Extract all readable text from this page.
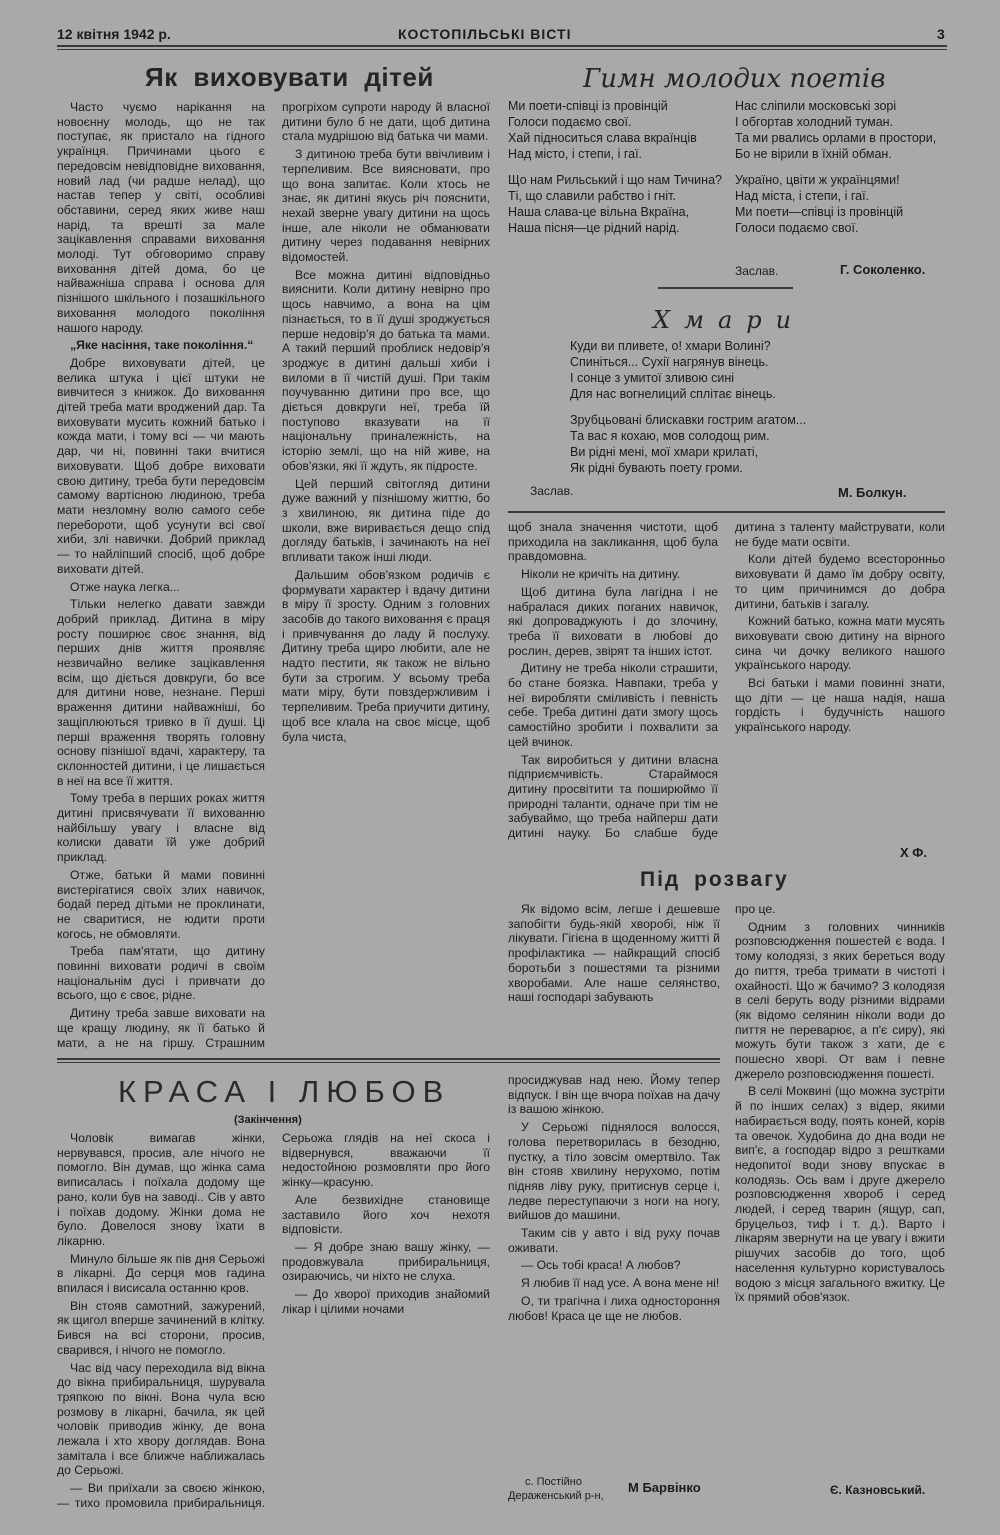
12 квітня 1942 р.	КОСТОПІЛЬСЬКІ ВІСТІ	3
Як виховувати дітей

Часто чуємо нарікання на новоєнну молодь, що не так поступає, як пристало на гідного українця. Причинами цього є передовсім невідповідне виховання, новий лад (чи радше нелад), що настав тепер у світі, особливі обставини, серед яких живе наш нарід, та врешті за мале зацікавлення справами виховання молоді. Тут обговоримо справу виховання дітей дома, бо це найважніша справа і основа для пізнішого шкільного і позашкільного виховання молодого покоління нашого народу.

„Яке насіння, таке покоління.“

Добре виховувати дітей, це велика штука і цієї штуки не вивчитеся з книжок. До виховання дітей треба мати вроджений дар. Та виховувати мусить кожний батько і кожда мати, і тому всі — чи мають дар, чи ні, повинні таки вчитися виховувати. Щоб добре виховати свою дитину, треба бути передовсім самому вартісною людиною, треба мати незломну волю самого себе перебороти, щоб усунути всі свої хиби, злі навички. Добрий приклад — то найліпший спосіб, щоб добре виховати дітей.

Отже наука легка...

Тільки нелегко давати завжди добрий приклад. Дитина в міру росту поширює своє знання, від перших днів життя проявляє незвичайно велике зацікавлення всім, що діється довкруги, бо все для дитини нове, незнане. Перші враження дитини найважніші, бо защіплюються тривко в її душі. Ці перші враження творять головну основу пізнішої вдачі, характеру, та склонностей дитини, і це лишається в неї на все її життя.

Тому треба в перших роках життя дитині присвячувати її вихованню найбільшу увагу і власне від колиски давати їй уже добрий приклад.

Отже, батьки й мами повинні вистерігатися своїх злих навичок, бодай перед дітьми не проклинати, не сваритися, не юдити проти когось, не обмовляти.

Треба пам'ятати, що дитину повинні виховати родичі в своїм національнім дусі і привчати до всього, що є своє, рідне.

Дитину треба завше виховати на ще кращу людину, як її батько й мати, а не на гіршу. Страшним прогріхом супроти народу й власної дитини було б не дати, щоб дитина стала мудрішою від батька чи мами.

З дитиною треба бути ввічливим і терпеливим. Все виясновати, про що вона запитає. Коли хтось не знає, як дитині якусь річ пояснити, нехай зверне увагу дитини на щось інше, але ніколи не обманювати дитину через подавання невірних відомостей.

Все можна дитині відповідньо вияснити. Коли дитину невірно про щось навчимо, а вона на цім пізнається, то в її душі зроджується перше недовір'я до батька та мами. А такий перший проблиск недовір'я зроджує в дитині дальші хиби і виломи в її чистій душі. При такім поучуванню дитини про все, що діється довкруги неї, треба їй поступово вказувати на її національну приналежність, на історію землі, що на ній живе, на обов'язки, які її ждуть, як підросте.

Цей перший світогляд дитини дуже важний у пізнішому життю, бо з хвилиною, як дитина піде до школи, вже виривається дещо спід догляду батьків, і зачинають на неї впливати також інші люди.

Дальшим обов'язком родичів є формувати характер і вдачу дитини в міру її зросту. Одним з головних засобів до такого виховання є праця і привчування до ладу й послуху. Дитину треба щиро любити, але не надто пестити, як також не вільно бути за строгим. У всьому треба мати міру, бути повздержливим і терпеливим. Треба приучити дитину, щоб все клала на своє місце, щоб була чиста,

щоб знала значення чистоти, щоб приходила на закликання, щоб була правдомовна.

Ніколи не кричіть на дитину.

Щоб дитина була лагідна і не набралася диких поганих навичок, які допроваджують і до злочину, треба її виховати в любові до рослин, дерев, звірят та інших істот.

Дитину не треба ніколи страшити, бо стане боязка. Навпаки, треба у неї виробляти сміливість і певність себе. Треба дитині дати змогу щось самостійно зробити і похвалити за цей вчинок.

Так виробиться у дитини власна підприємчивість. Стараймося дитину просвітити та поширюймо її природні таланти, одначе при тім не забуваймо, що треба найперш дати дитині науку. Бо слабше буде дитина з таленту майструвати, коли не буде мати освіти.

Коли дітей будемо всесторонньо виховувати й дамо їм добру освіту, то цим причинимся до добра дитини, батьків і загалу.

Кожний батько, кожна мати мусять виховувати свою дитину на вірного сина чи дочку великого нашого українського народу.

Всі батьки і мами повинні знати, що діти — це наша надія, наша гордість і будучність нашого українського народу.

Х Ф.
Гимн молодих поетів
Ми поети-співці із провінцій
Голоси подаємо свої.
Хай підноситься слава вкраїнців
Над місто, і степи, і гаї.
Що нам Рильський і що нам Тичина?
Ті, що славили рабство і гніт.
Наша слава-це вільна Вкраїна,
Наша пісня—це рідний нарід.
Нас сліпили московські зорі
І обгортав холодний туман.
Та ми рвались орлами в простори,
Бо не вірили в їхній обман.
Україно, цвіти ж українцями!
Над міста, і степи, і гаї.
Ми поети—співці із провінцій
Голоси подаємо свої.
Заслав.	Г. Соколенко.
Хмари
Куди ви пливете, о! хмари Волині?
Спиніться... Сухії нагрянув вінець.
І сонце з умитої зливою сині
Для нас вогнелиций сплітає вінець.
Зрубцьовані блискавки гострим агатом...
Та вас я кохаю, мов солодощ рим.
Ви рідні мені, мої хмари крилаті,
Як рідні бувають поету громи.
Заслав.	М. Болкун.
Під розвагу

Як відомо всім, легше і дешевше запобігти будь-якій хворобі, ніж її лікувати. Гігієна в щоденному житті й профілактика — найкращий спосіб боротьби з пошестями та різними хворобами. Але наше селянство, наші господарі забувають

про це.

Одним з головних чинників розповсюдження пошестей є вода. І тому колодязі, з яких береться воду до пиття, треба тримати в чистоті і охайності. Що ж бачимо? З колодязя в селі беруть воду різними відрами (як відомо селянин ніколи води до пиття не переварює, а п'є сиру), які можуть бути також з хати, де є пошесно хворі. От вам і певне джерело розповсюдження пошесті.

В селі Моквині (що можна зустріти й по інших селах) з відер, якими набирається воду, поять коней, корів та овечок. Худобина до дна води не вип'є, а господар відро з рештками недопитої води знову впускає в колодязь. Ось вам і друге джерело розповсюдження хвороб і серед людей, і серед тварин (ящур, сап, бруцельоз, тиф і т. д.). Варто і лікарям звернути на це увагу і вжити рішучих засобів до того, щоб населення культурно користувалось водою з місця загального вжитку. Це їх прямий обов'язок.

Є. Казновський.
КРАСА І ЛЮБОВ
(Закінчення)

Чоловік вимагав жінки, нервувався, просив, але нічого не помогло. Він думав, що жінка сама виписалась і поїхала додому ще рано, коли був на заводі.. Сів у авто і поїхав додому. Жінки дома не було. Довелося знову їхати в лікарню.

Минуло більше як пів дня Серьожі в лікарні. До серця мов гадина впилася і висисала останню кров.

Він стояв самотний, зажурений, як щигол вперше зачинений в клітку. Бився на всі сторони, просив, сварився, і нічого не помогло.

Час від часу переходила від вікна до вікна прибиральниця, шурувала тряпкою по вікні. Вона чула всю розмову в лікарні, бачила, як цей чоловік приводив жінку, де вона лежала і хто хвору доглядав. Вона замітала і все ближче наближалась до Серьожі.

— Ви приїхали за своєю жінкою, — тихо промовила прибиральниця. Серьожа глядів на неї скоса і відвернувся, вважаючи її недостойною розмовляти про його жінку—красуню.

Але безвихідне становище заставило його хоч нехотя відповісти.

— Я добре знаю вашу жінку, — продовжувала прибиральниця, озираючись, чи ніхто не слуха.

— До хворої приходив знайомий лікар і цілими ночами

просиджував над нею. Йому тепер відпуск. І він ще вчора поїхав на дачу із вашою жінкою.

У Серьожі піднялося волосся, голова перетворилась в безодню, пустку, а тіло зовсім омертвіло. Так він стояв хвилину нерухомо, потім підняв ліву руку, притиснув серце і, ледве переступаючи з ноги на ногу, вийшов до машини.

Таким сів у авто і від руху почав оживати.

— Ось тобі краса! А любов?

Я любив її над усе. А вона мене ні!

О, ти трагічна і лиха одностороння любов! Краса це ще не любов.

с. Постійно
Дераженський р-н,
М Барвінко
